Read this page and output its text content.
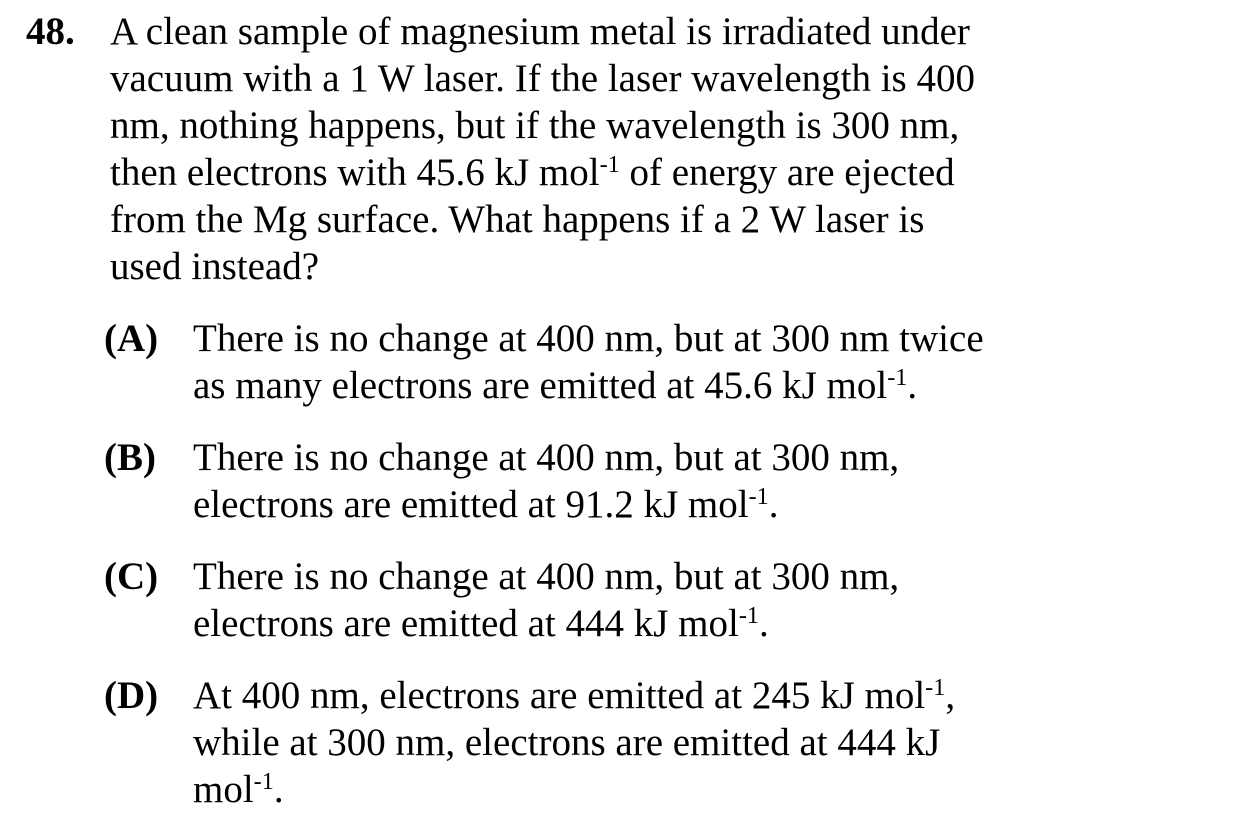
48. A clean sample of magnesium metal is irradiated under
vacuum with a 1 W laser. If the laser wavelength is 400
nm, nothing happens, but if the wavelength is 300 nm,
then electrons with 45.6 kJ mol$^{-1}$ of energy are ejected
from the Mg surface. What happens if a 2 W laser is
used instead?
(A) There is no change at 400 nm, but at 300 nm twice
as many electrons are emitted at 45.6 kJ mol$^{-1}$.
(B) There is no change at 400 nm, but at 300 nm,
electrons are emitted at 91.2 kJ mol$^{-1}$.
(C) There is no change at 400 nm, but at 300 nm,
electrons are emitted at 444 kJ mol$^{-1}$.
(D) At 400 nm, electrons are emitted at 245 kJ mol$^{-1}$,
while at 300 nm, electrons are emitted at 444 kJ
mol$^{-1}$.
